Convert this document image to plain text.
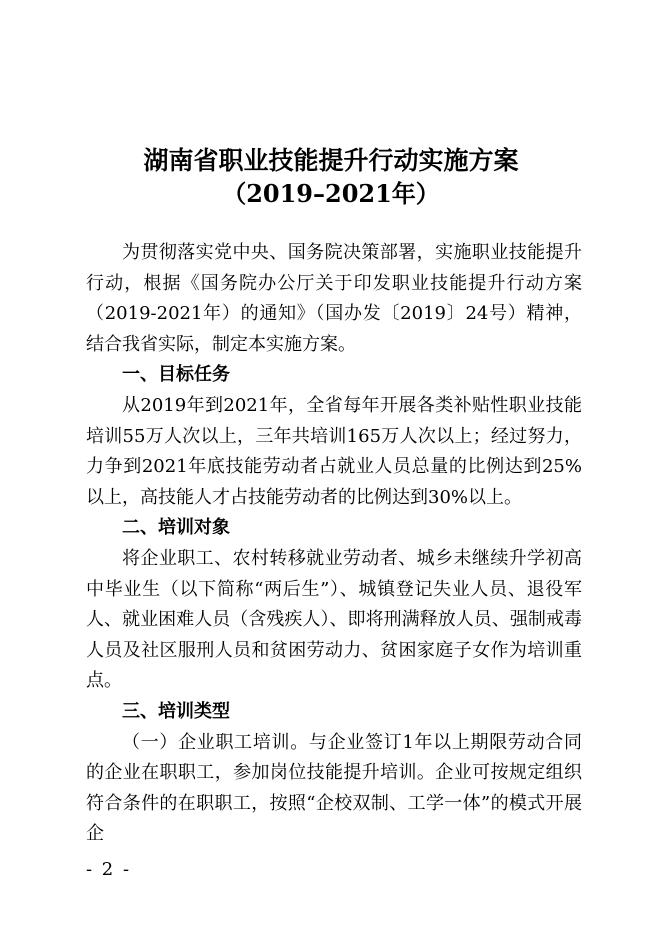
湖南省职业技能提升行动实施方案
（2019–2021年）

为贯彻落实党中央、国务院决策部署，实施职业技能提升行动，根据《国务院办公厅关于印发职业技能提升行动方案（2019-2021年）的通知》（国办发〔2019〕24号）精神，结合我省实际，制定本实施方案。

一、目标任务

从2019年到2021年，全省每年开展各类补贴性职业技能培训55万人次以上，三年共培训165万人次以上；经过努力，力争到2021年底技能劳动者占就业人员总量的比例达到25%以上，高技能人才占技能劳动者的比例达到30%以上。

二、培训对象

将企业职工、农村转移就业劳动者、城乡未继续升学初高中毕业生（以下简称“两后生”）、城镇登记失业人员、退役军人、就业困难人员（含残疾人）、即将刑满释放人员、强制戒毒人员及社区服刑人员和贫困劳动力、贫困家庭子女作为培训重点。

三、培训类型

（一）企业职工培训。与企业签订1年以上期限劳动合同的企业在职职工，参加岗位技能提升培训。企业可按规定组织符合条件的在职职工，按照“企校双制、工学一体”的模式开展企

- 2 -
